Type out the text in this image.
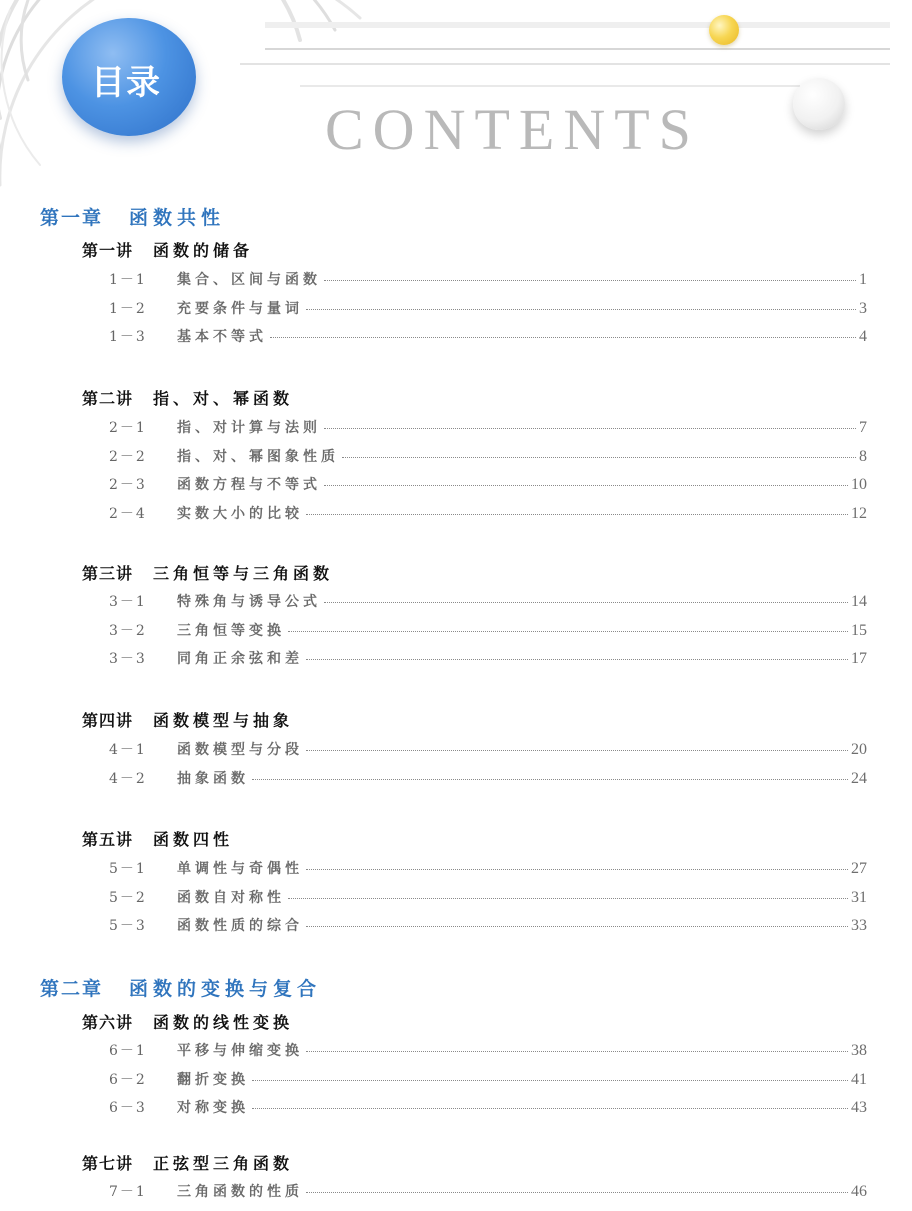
目录
CONTENTS
第一章 函数共性
第一讲 函数的储备
1－1	集合、区间与函数	1
1－2	充要条件与量词	3
1－3	基本不等式	4
第二讲 指、对、幂函数
2－1	指、对计算与法则	7
2－2	指、对、幂图象性质	8
2－3	函数方程与不等式	10
2－4	实数大小的比较	12
第三讲 三角恒等与三角函数
3－1	特殊角与诱导公式	14
3－2	三角恒等变换	15
3－3	同角正余弦和差	17
第四讲 函数模型与抽象
4－1	函数模型与分段	20
4－2	抽象函数	24
第五讲 函数四性
5－1	单调性与奇偶性	27
5－2	函数自对称性	31
5－3	函数性质的综合	33
第二章 函数的变换与复合
第六讲 函数的线性变换
6－1	平移与伸缩变换	38
6－2	翻折变换	41
6－3	对称变换	43
第七讲 正弦型三角函数
7－1	三角函数的性质	46
